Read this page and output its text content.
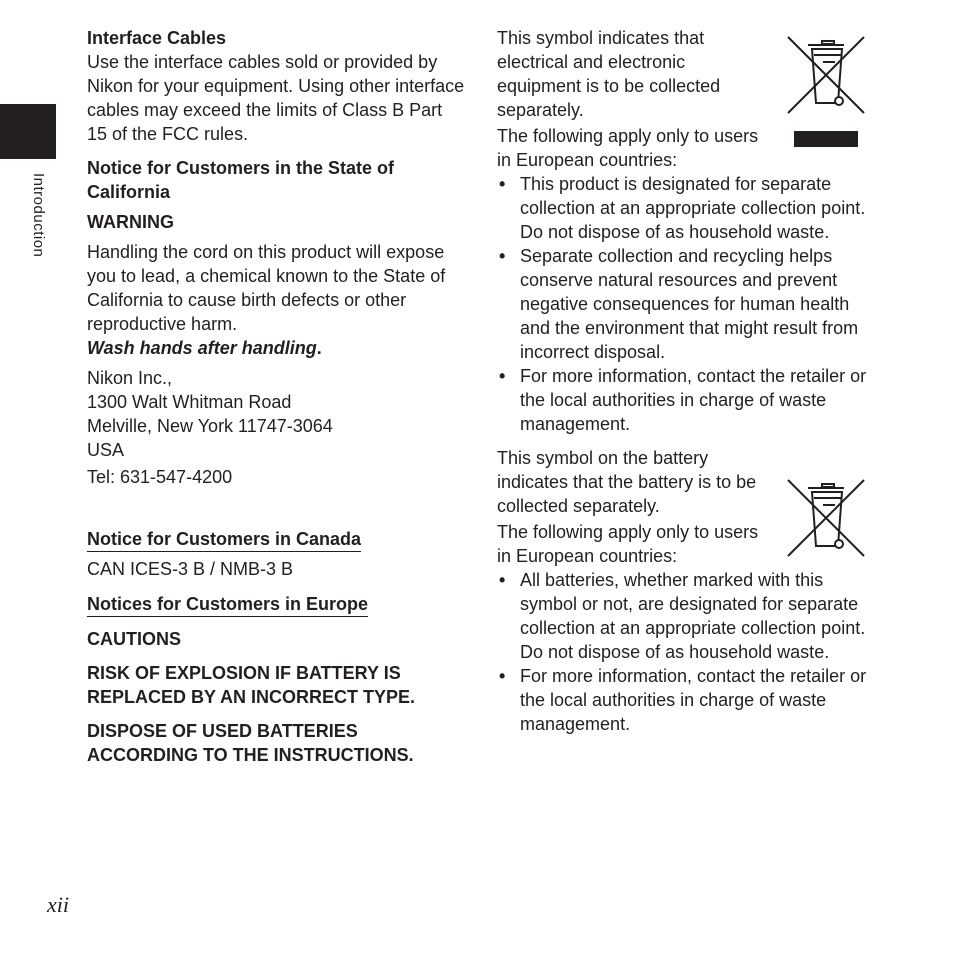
Introduction
Interface Cables

Use the interface cables sold or provided by Nikon for your equipment. Using other interface cables may exceed the limits of Class B Part 15 of the FCC rules.

Notice for Customers in the State of California
WARNING

Handling the cord on this product will expose you to lead, a chemical known to the State of California to cause birth defects or other reproductive harm.

Wash hands after handling.

Nikon Inc.,
1300 Walt Whitman Road
Melville, New York 11747-3064
USA

Tel: 631-547-4200

Notice for Customers in Canada

CAN ICES-3 B / NMB-3 B

Notices for Customers in Europe
CAUTIONS
RISK OF EXPLOSION IF BATTERY IS REPLACED BY AN INCORRECT TYPE.
DISPOSE OF USED BATTERIES ACCORDING TO THE INSTRUCTIONS.

This symbol indicates that electrical and electronic equipment is to be collected separately.

The following apply only to users in European countries:

• This product is designated for separate collection at an appropriate collection point. Do not dispose of as household waste.
• Separate collection and recycling helps conserve natural resources and prevent negative consequences for human health and the environment that might result from incorrect disposal.
• For more information, contact the retailer or the local authorities in charge of waste management.

This symbol on the battery indicates that the battery is to be collected separately.

The following apply only to users in European countries:

• All batteries, whether marked with this symbol or not, are designated for separate collection at an appropriate collection point. Do not dispose of as household waste.
• For more information, contact the retailer or the local authorities in charge of waste management.
xii
